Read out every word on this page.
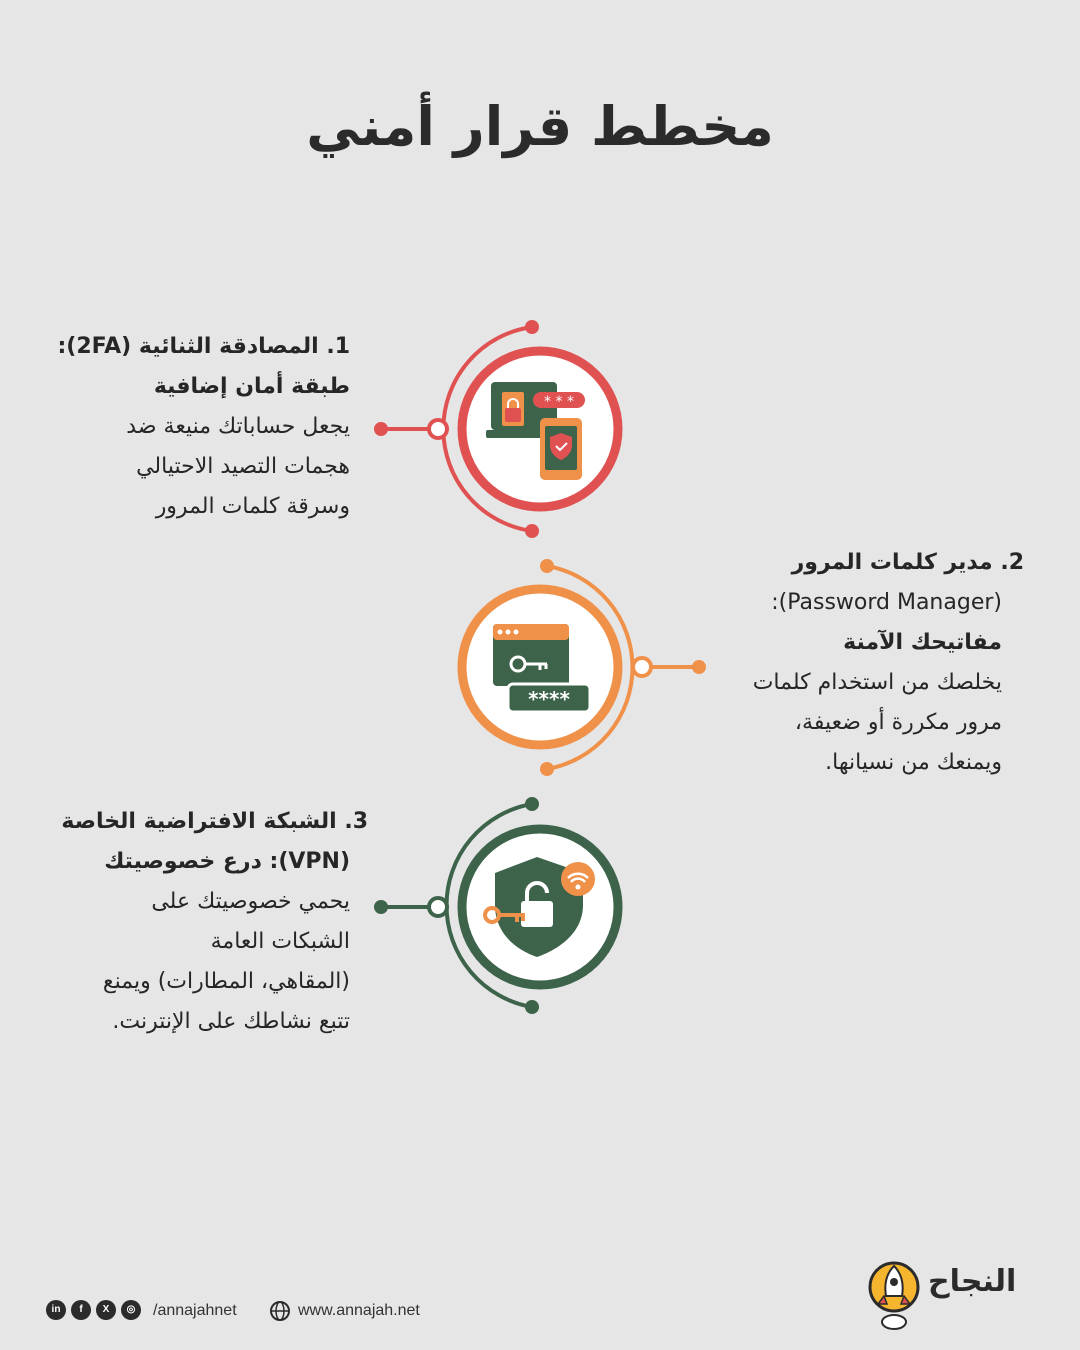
مخطط قرار أمني
1. المصادقة الثنائية (2FA):
طبقة أمان إضافية
يجعل حساباتك منيعة ضد
هجمات التصيد الاحتيالي
وسرقة كلمات المرور
2. مدير كلمات المرور
(Password Manager):
مفاتيحك الآمنة
يخلصك من استخدام كلمات
مرور مكررة أو ضعيفة،
ويمنعك من نسيانها.
3. الشبكة الافتراضية الخاصة
(VPN): درع خصوصيتك
يحمي خصوصيتك على
الشبكات العامة
(المقاهي، المطارات) ويمنع
تتبع نشاطك على الإنترنت.
* * *
****
النجاح
www.annajah.net
/annajahnet
in	f	X	◎
